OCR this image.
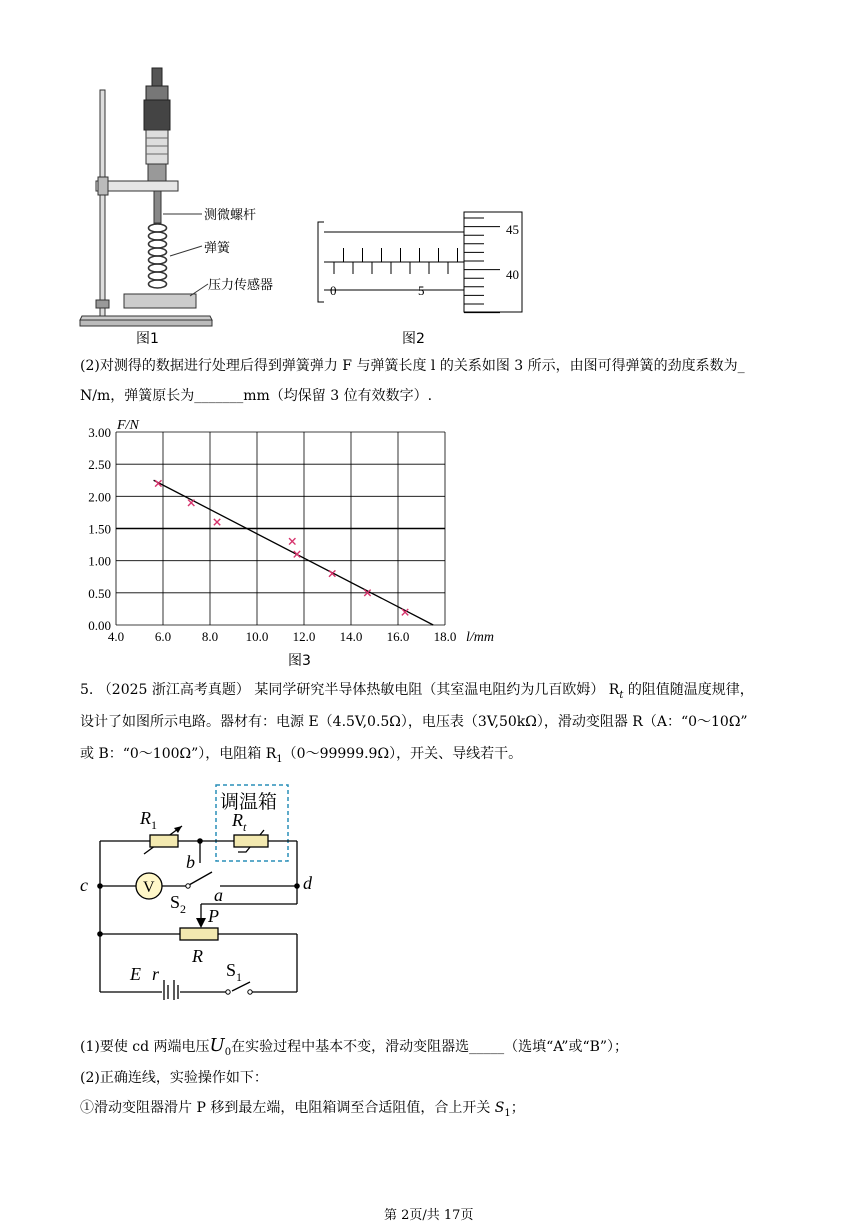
测微螺杆
弹簧
压力传感器
图1
0	5
45
40
图2
(2)对测得的数据进行处理后得到弹簧弹力 F 与弹簧长度 l 的关系如图 3 所示，由图可得弹簧的劲度系数为_
N/m，弹簧原长为_______mm（均保留 3 位有效数字）.
0.00
0.50
1.00
1.50
2.00
2.50
3.00
4.0 6.0 8.0 10.0 12.0 14.0 16.0 18.0
F/N
l/mm
图3
5. （2025 浙江高考真题） 某同学研究半导体热敏电阻（其室温电阻约为几百欧姆） $R_t$ 的阻值随温度规律，
设计了如图所示电路。器材有：电源 E（4.5V,0.5Ω），电压表（3V,50kΩ），滑动变阻器 R（A：“0～10Ω”
或 B：“0～100Ω”），电阻箱 $R_1(0\sim 99999.9\Omega)$，开关、导线若干。
调温箱
V
$R_1$	$R_t$
b
c	d
a
P
R
E r
$S_2$
$S_1$
(1)要使 cd 两端电压$U_0$在实验过程中基本不变，滑动变阻器选_____（选填“A”或“B”）；
(2)正确连线，实验操作如下：
①滑动变阻器滑片 P 移到最左端，电阻箱调至合适阻值，合上开关 $S_1$；
第 2页/共 17页
